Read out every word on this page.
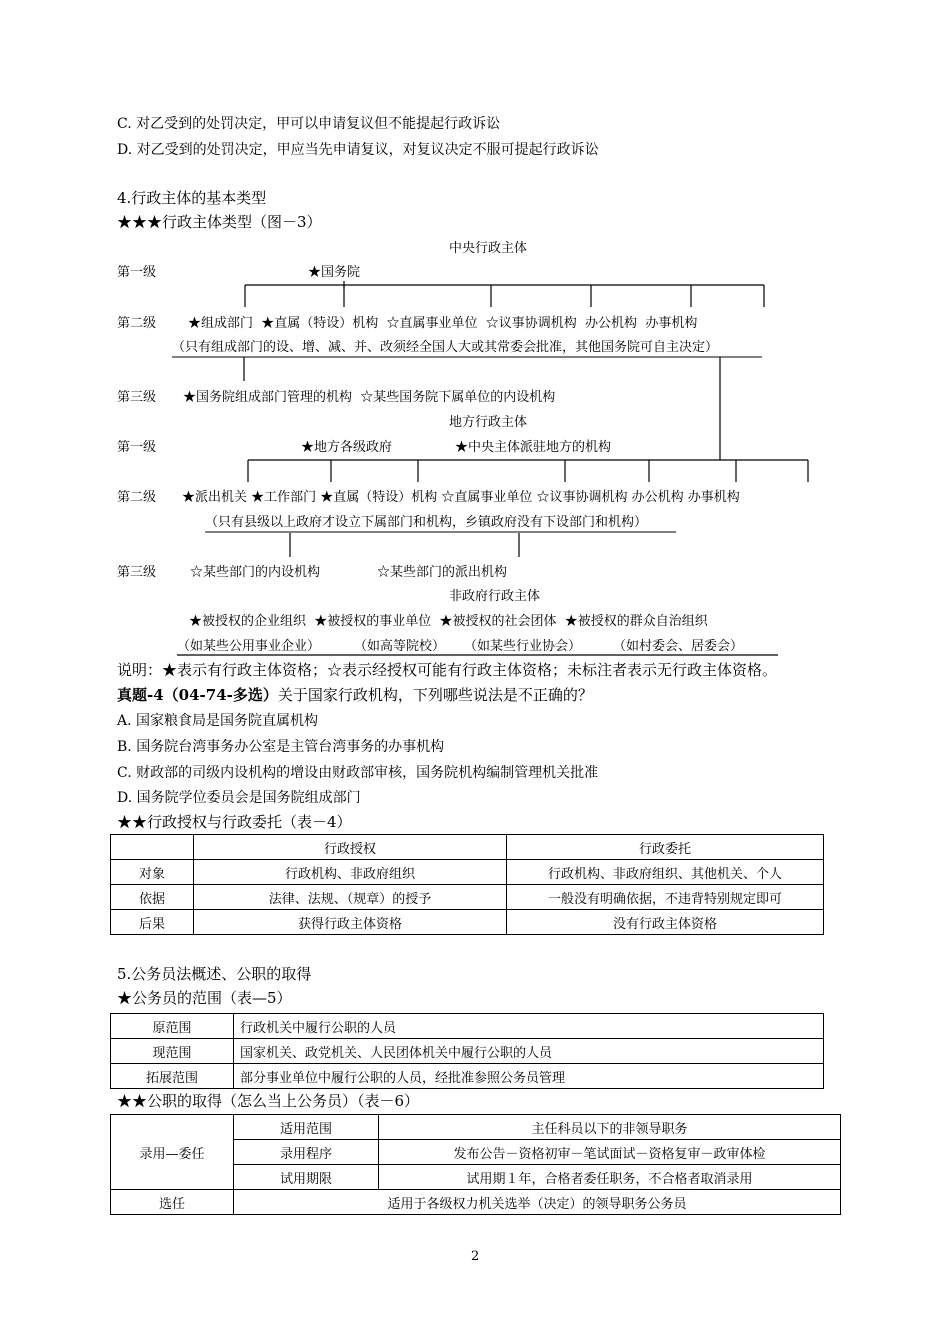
C. 对乙受到的处罚决定，甲可以申请复议但不能提起行政诉讼
D. 对乙受到的处罚决定，甲应当先申请复议，对复议决定不服可提起行政诉讼
4.行政主体的基本类型
★★★行政主体类型（图－3）
中央行政主体
第一级	★国务院
第二级 ★组成部门  ★直属（特设）机构  ☆直属事业单位  ☆议事协调机构  办公机构  办事机构
（只有组成部门的设、增、减、并、改须经全国人大或其常委会批准，其他国务院可自主决定）
第三级 ★国务院组成部门管理的机构  ☆某些国务院下属单位的内设机构
地方行政主体
第一级	★地方各级政府	★中央主体派驻地方的机构
第二级 ★派出机关 ★工作部门 ★直属（特设）机构 ☆直属事业单位 ☆议事协调机构 办公机构 办事机构
（只有县级以上政府才设立下属部门和机构，乡镇政府没有下设部门和机构）
第三级	☆某些部门的内设机构	☆某些部门的派出机构
非政府行政主体
★被授权的企业组织  ★被授权的事业单位  ★被授权的社会团体  ★被授权的群众自治组织
（如某些公用事业企业）	（如高等院校） （如某些行业协会） （如村委会、居委会）
说明：★表示有行政主体资格；☆表示经授权可能有行政主体资格；未标注者表示无行政主体资格。
真题-4（04-74-多选）关于国家行政机构，下列哪些说法是不正确的？
A. 国家粮食局是国务院直属机构
B. 国务院台湾事务办公室是主管台湾事务的办事机构
C. 财政部的司级内设机构的增设由财政部审核，国务院机构编制管理机关批准
D. 国务院学位委员会是国务院组成部门
★★行政授权与行政委托（表－4）
	行政授权	行政委托
对象	行政机构、非政府组织	行政机构、非政府组织、其他机关、个人
依据	法律、法规、（规章）的授予	一般没有明确依据，不违背特别规定即可
后果	获得行政主体资格	没有行政主体资格
5.公务员法概述、公职的取得
★公务员的范围（表—5）
原范围	行政机关中履行公职的人员
现范围	国家机关、政党机关、人民团体机关中履行公职的人员
拓展范围	部分事业单位中履行公职的人员，经批准参照公务员管理
★★公职的取得（怎么当上公务员）（表－6）
录用—委任	适用范围	主任科员以下的非领导职务
	录用程序	发布公告－资格初审－笔试面试－资格复审－政审体检
	试用期限	试用期１年，合格者委任职务，不合格者取消录用
选任	适用于各级权力机关选举（决定）的领导职务公务员	
2
